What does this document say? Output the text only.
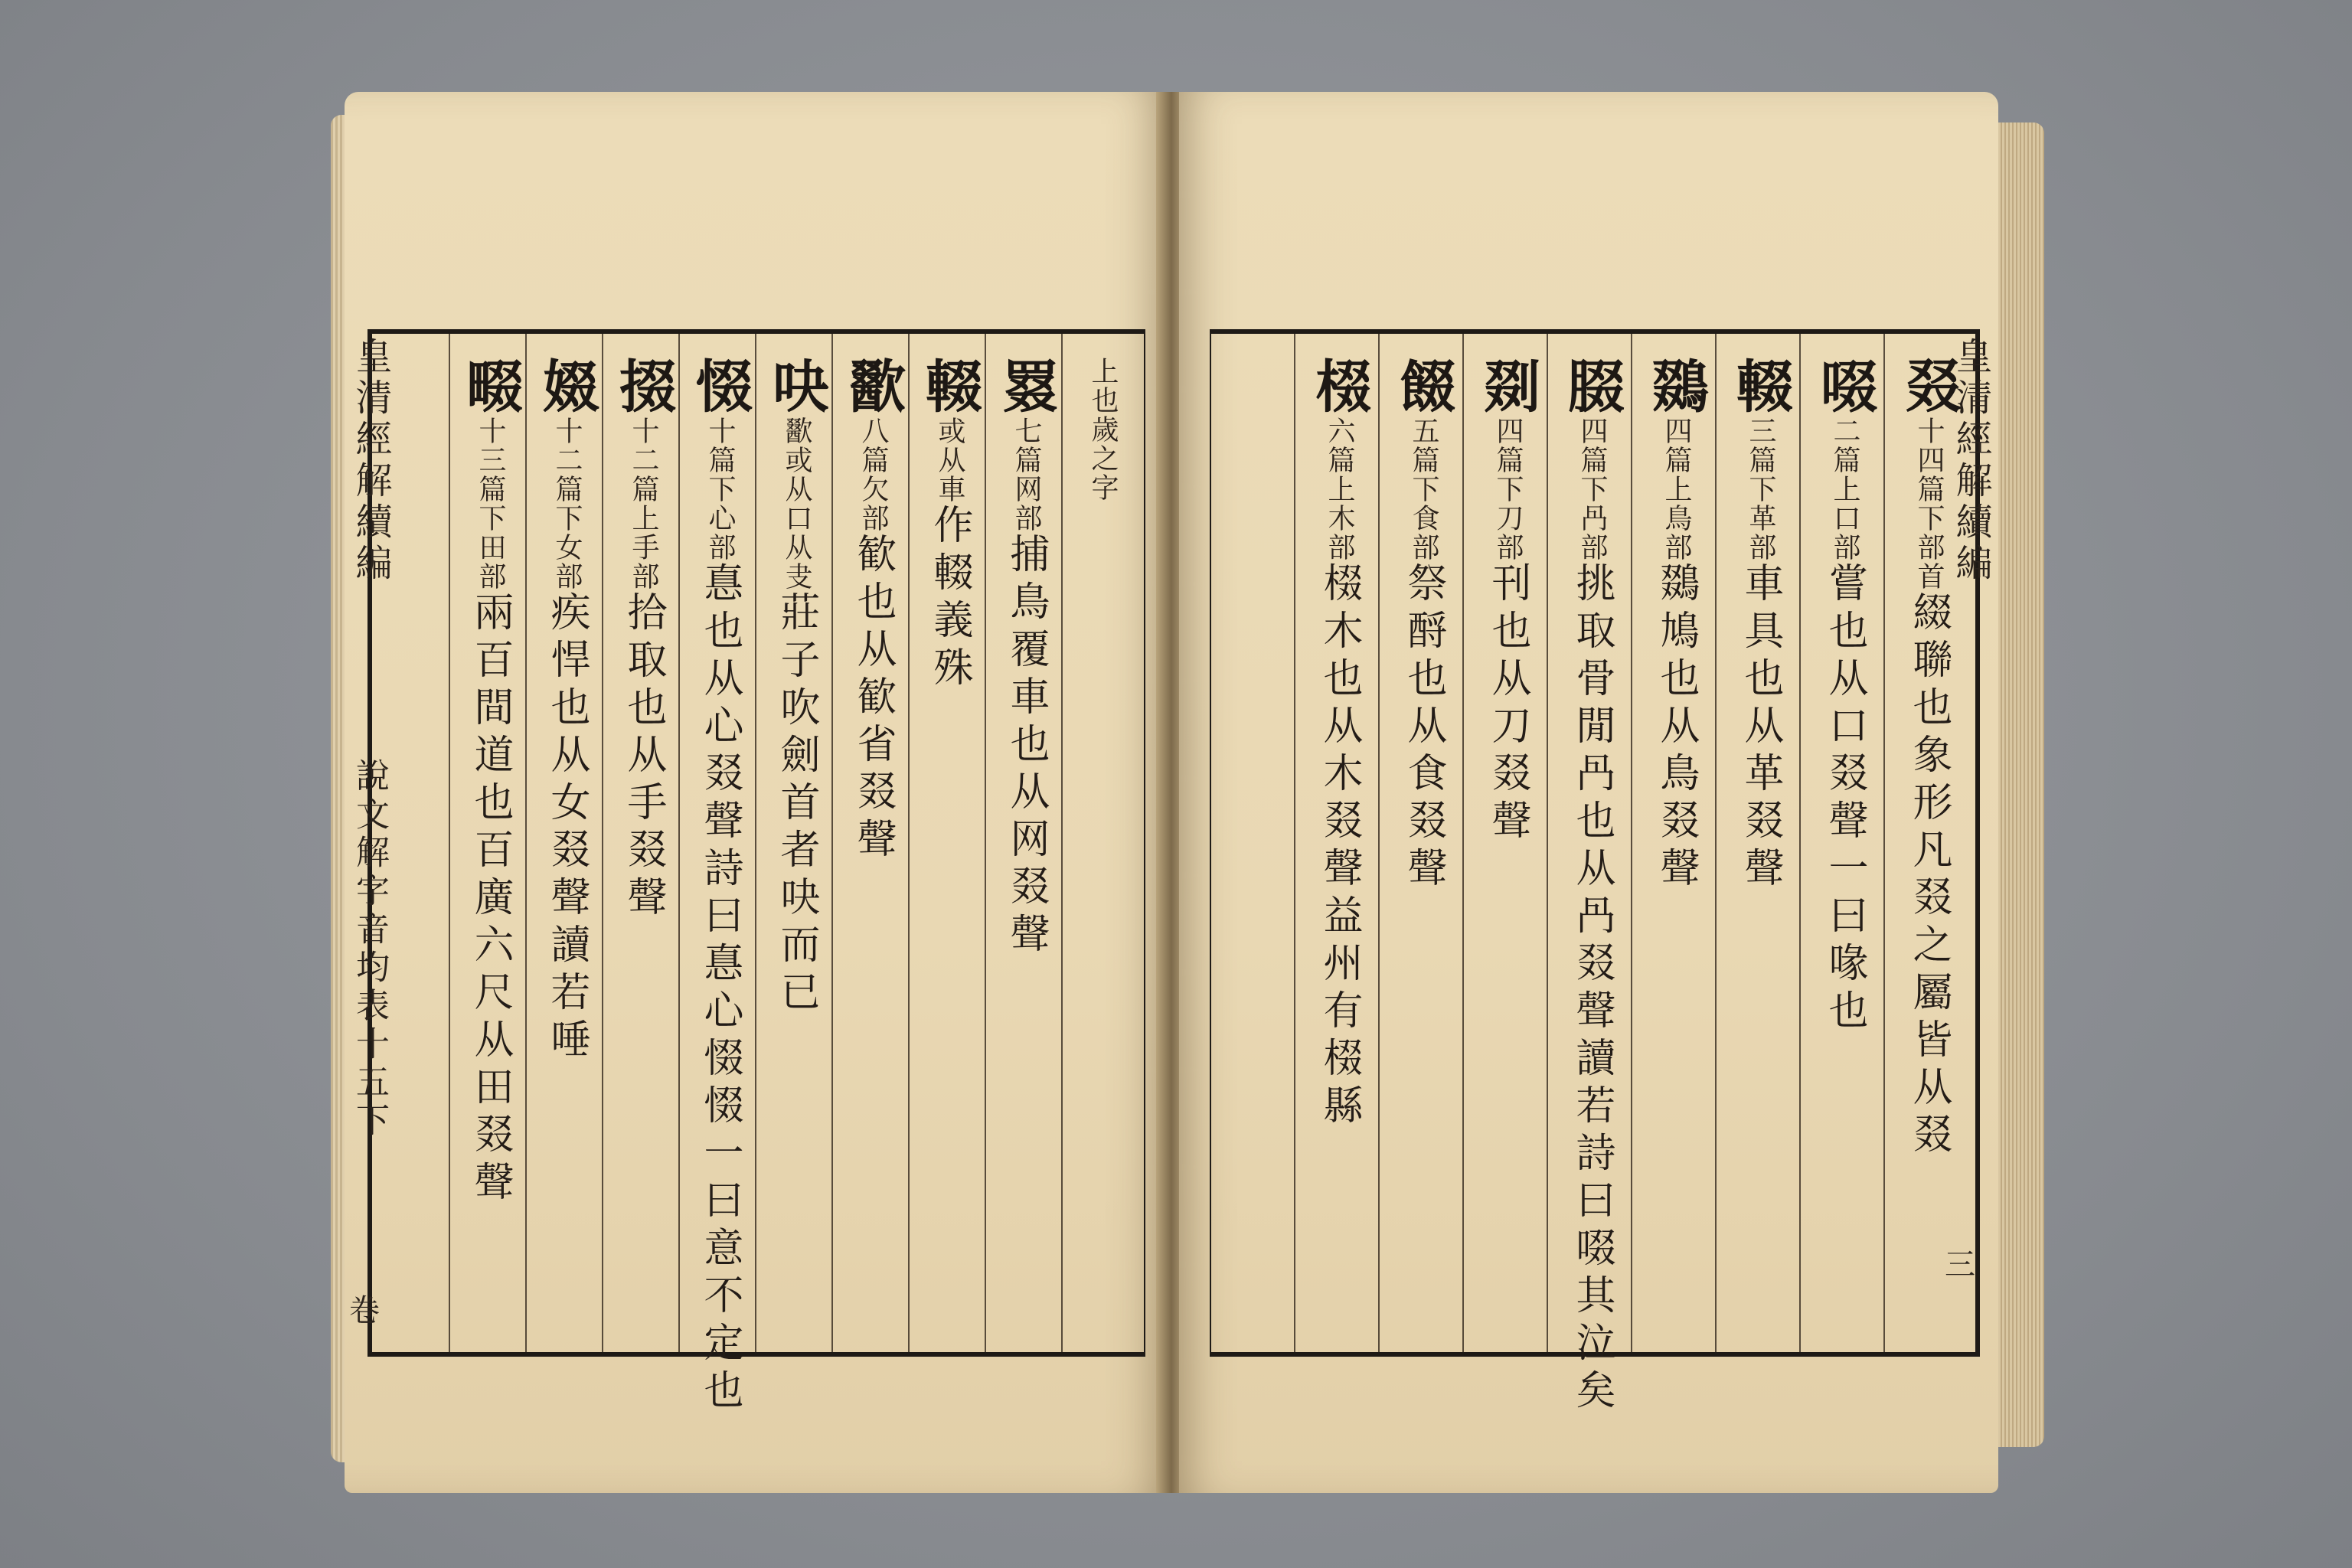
上也歲之字
罬
七篇网部
捕鳥覆車也从网叕聲
輟
或从車
作輟義殊
歠
八篇欠部
歓也从歓省叕聲
吷
歠或从口从叏
莊子吹劍首者吷而已
惙
十篇下心部
惪也从心叕聲詩曰惪心惙惙一曰意不定也
掇
十二篇上手部
拾取也从手叕聲
娺
十二篇下女部
疾悍也从女叕聲讀若唾
畷
十三篇下田部
兩百間道也百廣六尺从田叕聲
皇清經解續編
說文解字音均表十五下
卷
叕
十四篇下部首
綴聯也象形凡叕之屬皆从叕
啜
二篇上口部
嘗也从口叕聲一曰喙也
輟
三篇下革部
車具也从革叕聲
鵽
四篇上鳥部
鵽鳩也从鳥叕聲
腏
四篇下冎部
挑取骨閒冎也从冎叕聲讀若詩曰啜其泣矣
剟
四篇下刀部
刊也从刀叕聲
餟
五篇下食部
祭酹也从食叕聲
棳
六篇上木部
棳木也从木叕聲益州有棳縣
皇清經解續編
三
